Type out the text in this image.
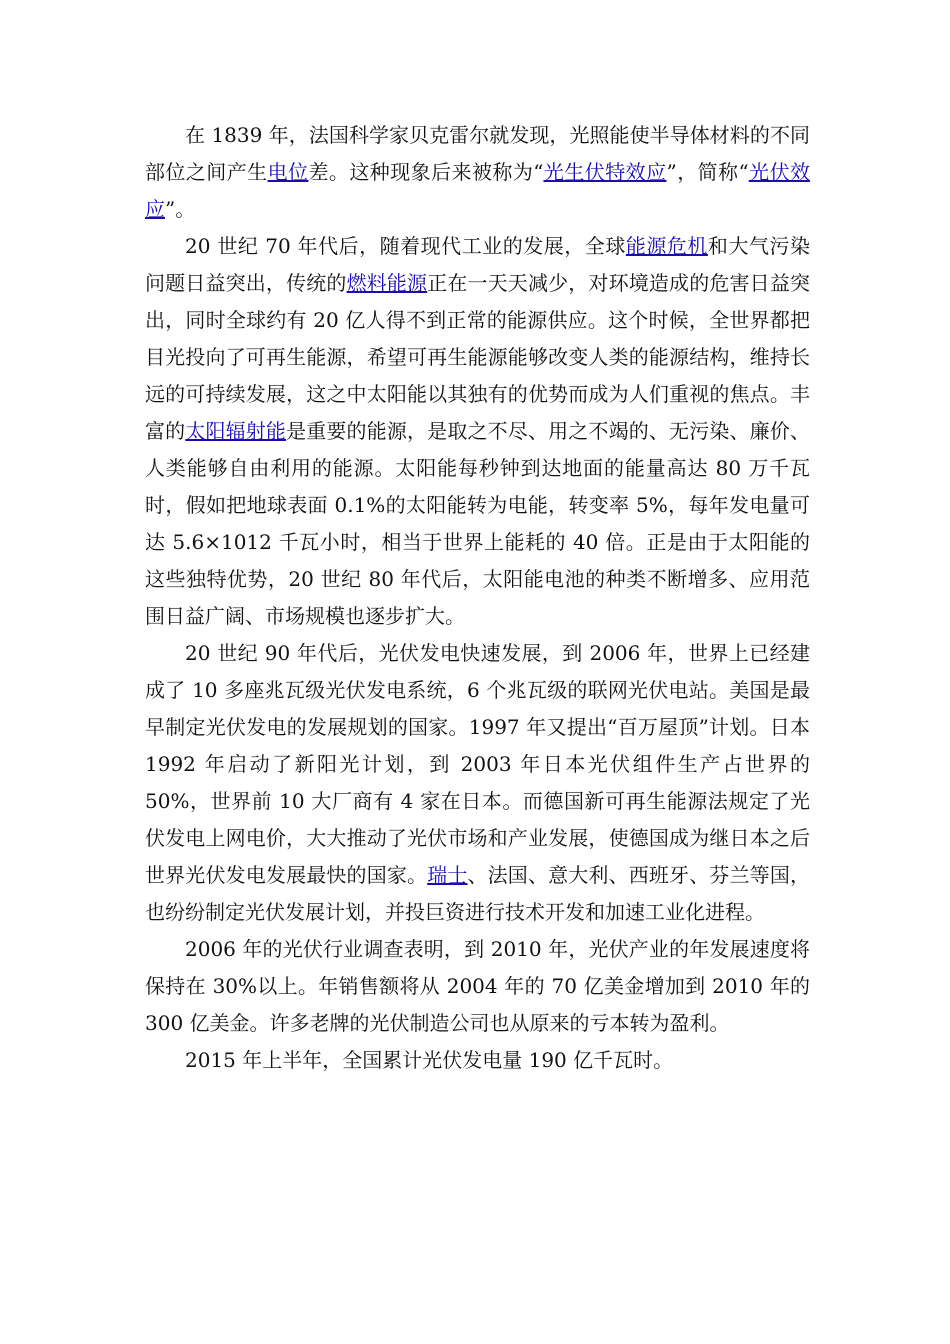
在 1839 年，法国科学家贝克雷尔就发现，光照能使半导体材料的不同部位之间产生电位差。这种现象后来被称为“光生伏特效应”，简称“光伏效应”。

20 世纪 70 年代后，随着现代工业的发展，全球能源危机和大气污染问题日益突出，传统的燃料能源正在一天天减少，对环境造成的危害日益突出，同时全球约有 20 亿人得不到正常的能源供应。这个时候，全世界都把目光投向了可再生能源，希望可再生能源能够改变人类的能源结构，维持长远的可持续发展，这之中太阳能以其独有的优势而成为人们重视的焦点。丰富的太阳辐射能是重要的能源，是取之不尽、用之不竭的、无污染、廉价、人类能够自由利用的能源。太阳能每秒钟到达地面的能量高达 80 万千瓦时，假如把地球表面 0.1%的太阳能转为电能，转变率 5%，每年发电量可达 5.6×1012 千瓦小时，相当于世界上能耗的 40 倍。正是由于太阳能的这些独特优势，20 世纪 80 年代后，太阳能电池的种类不断增多、应用范围日益广阔、市场规模也逐步扩大。

20 世纪 90 年代后，光伏发电快速发展，到 2006 年，世界上已经建成了 10 多座兆瓦级光伏发电系统，6 个兆瓦级的联网光伏电站。美国是最早制定光伏发电的发展规划的国家。1997 年又提出“百万屋顶”计划。日本 1992 年启动了新阳光计划，到 2003 年日本光伏组件生产占世界的 50%，世界前 10 大厂商有 4 家在日本。而德国新可再生能源法规定了光伏发电上网电价，大大推动了光伏市场和产业发展，使德国成为继日本之后世界光伏发电发展最快的国家。瑞士、法国、意大利、西班牙、芬兰等国，也纷纷制定光伏发展计划，并投巨资进行技术开发和加速工业化进程。

2006 年的光伏行业调查表明，到 2010 年，光伏产业的年发展速度将保持在 30%以上。年销售额将从 2004 年的 70 亿美金增加到 2010 年的 300 亿美金。许多老牌的光伏制造公司也从原来的亏本转为盈利。

2015 年上半年，全国累计光伏发电量 190 亿千瓦时。
